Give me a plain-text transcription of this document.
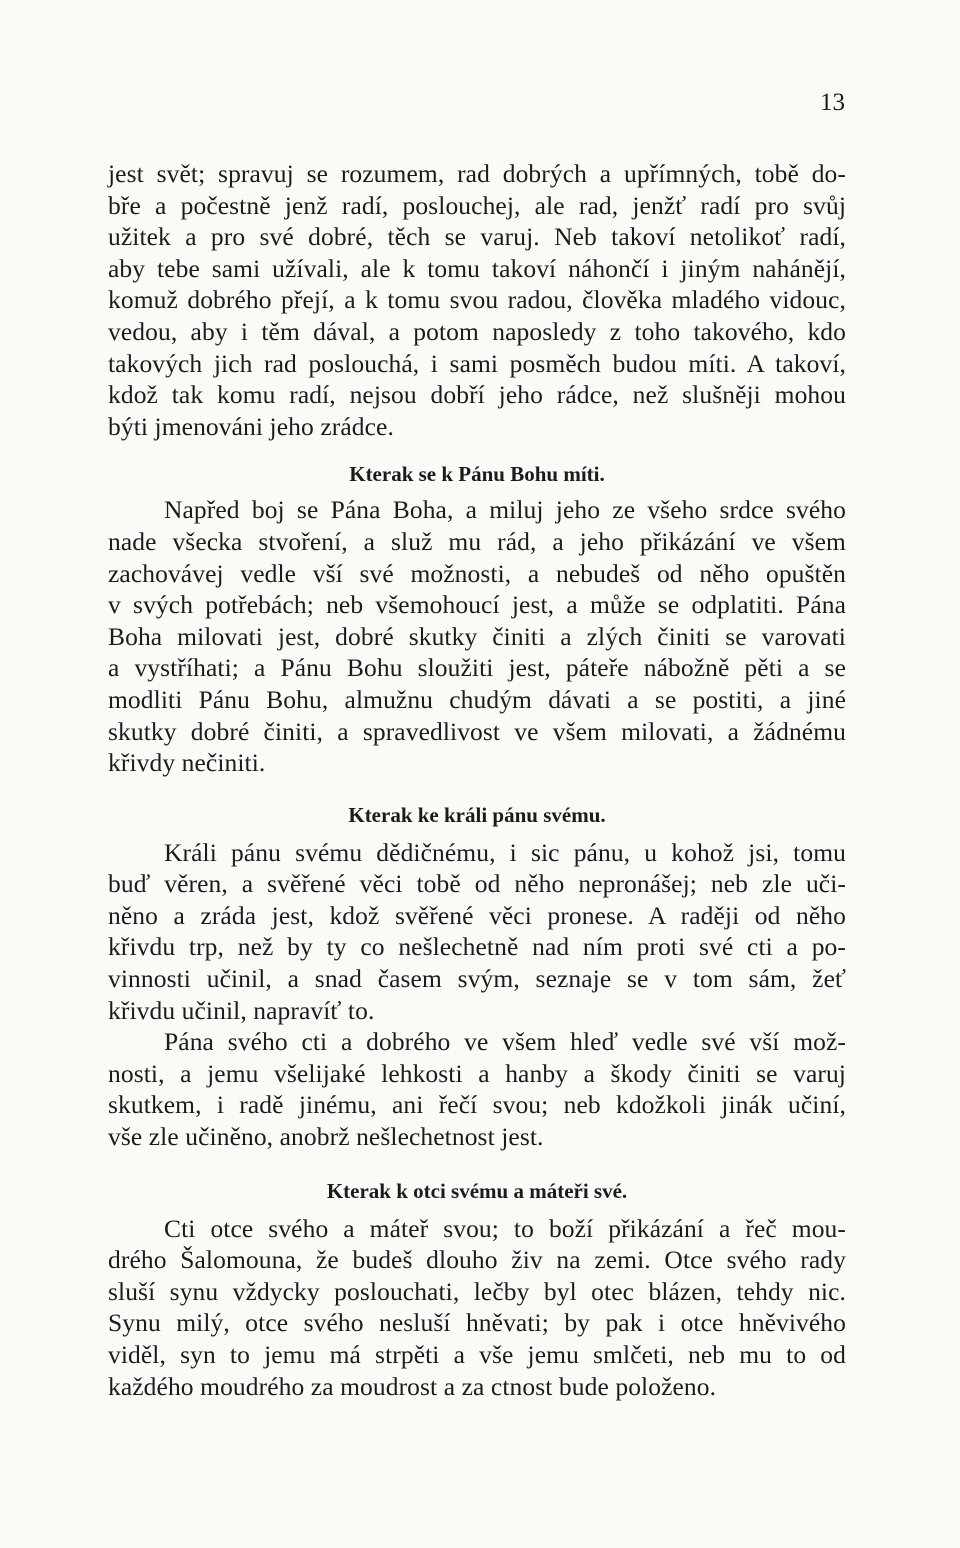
13
jest svět; spravuj se rozumem, rad dobrých a upřímných, tobě do-
bře a počestně jenž radí, poslouchej, ale rad, jenžť radí pro svůj
užitek a pro své dobré, těch se varuj. Neb takoví netolikoť radí,
aby tebe sami užívali, ale k tomu takoví náhončí i jiným nahánějí,
komuž dobrého přejí, a k tomu svou radou, člověka mladého vidouc,
vedou, aby i těm dával, a potom naposledy z toho takového, kdo
takových jich rad poslouchá, i sami posměch budou míti. A takoví,
kdož tak komu radí, nejsou dobří jeho rádce, než slušněji mohou
býti jmenováni jeho zrádce.
Kterak se k Pánu Bohu míti.
Napřed boj se Pána Boha, a miluj jeho ze všeho srdce svého
nade všecka stvoření, a služ mu rád, a jeho přikázání ve všem
zachovávej vedle vší své možnosti, a nebudeš od něho opuštěn
v svých potřebách; neb všemohoucí jest, a může se odplatiti. Pána
Boha milovati jest, dobré skutky činiti a zlých činiti se varovati
a vystříhati; a Pánu Bohu sloužiti jest, páteře nábožně pěti a se
modliti Pánu Bohu, almužnu chudým dávati a se postiti, a jiné
skutky dobré činiti, a spravedlivost ve všem milovati, a žádnému
křivdy nečiniti.
Kterak ke králi pánu svému.
Králi pánu svému dědičnému, i sic pánu, u kohož jsi, tomu
buď věren, a svěřené věci tobě od něho nepronášej; neb zle uči-
něno a zráda jest, kdož svěřené věci pronese. A raději od něho
křivdu trp, než by ty co nešlechetně nad ním proti své cti a po-
vinnosti učinil, a snad časem svým, seznaje se v tom sám, žeť
křivdu učinil, napravíť to.
Pána svého cti a dobrého ve všem hleď vedle své vší mož-
nosti, a jemu všelijaké lehkosti a hanby a škody činiti se varuj
skutkem, i radě jinému, ani řečí svou; neb kdožkoli jinák učiní,
vše zle učiněno, anobrž nešlechetnost jest.
Kterak k otci svému a máteři své.
Cti otce svého a máteř svou; to boží přikázání a řeč mou-
drého Šalomouna, že budeš dlouho živ na zemi. Otce svého rady
sluší synu vždycky poslouchati, lečby byl otec blázen, tehdy nic.
Synu milý, otce svého nesluší hněvati; by pak i otce hněvivého
viděl, syn to jemu má strpěti a vše jemu smlčeti, neb mu to od
každého moudrého za moudrost a za ctnost bude položeno.
